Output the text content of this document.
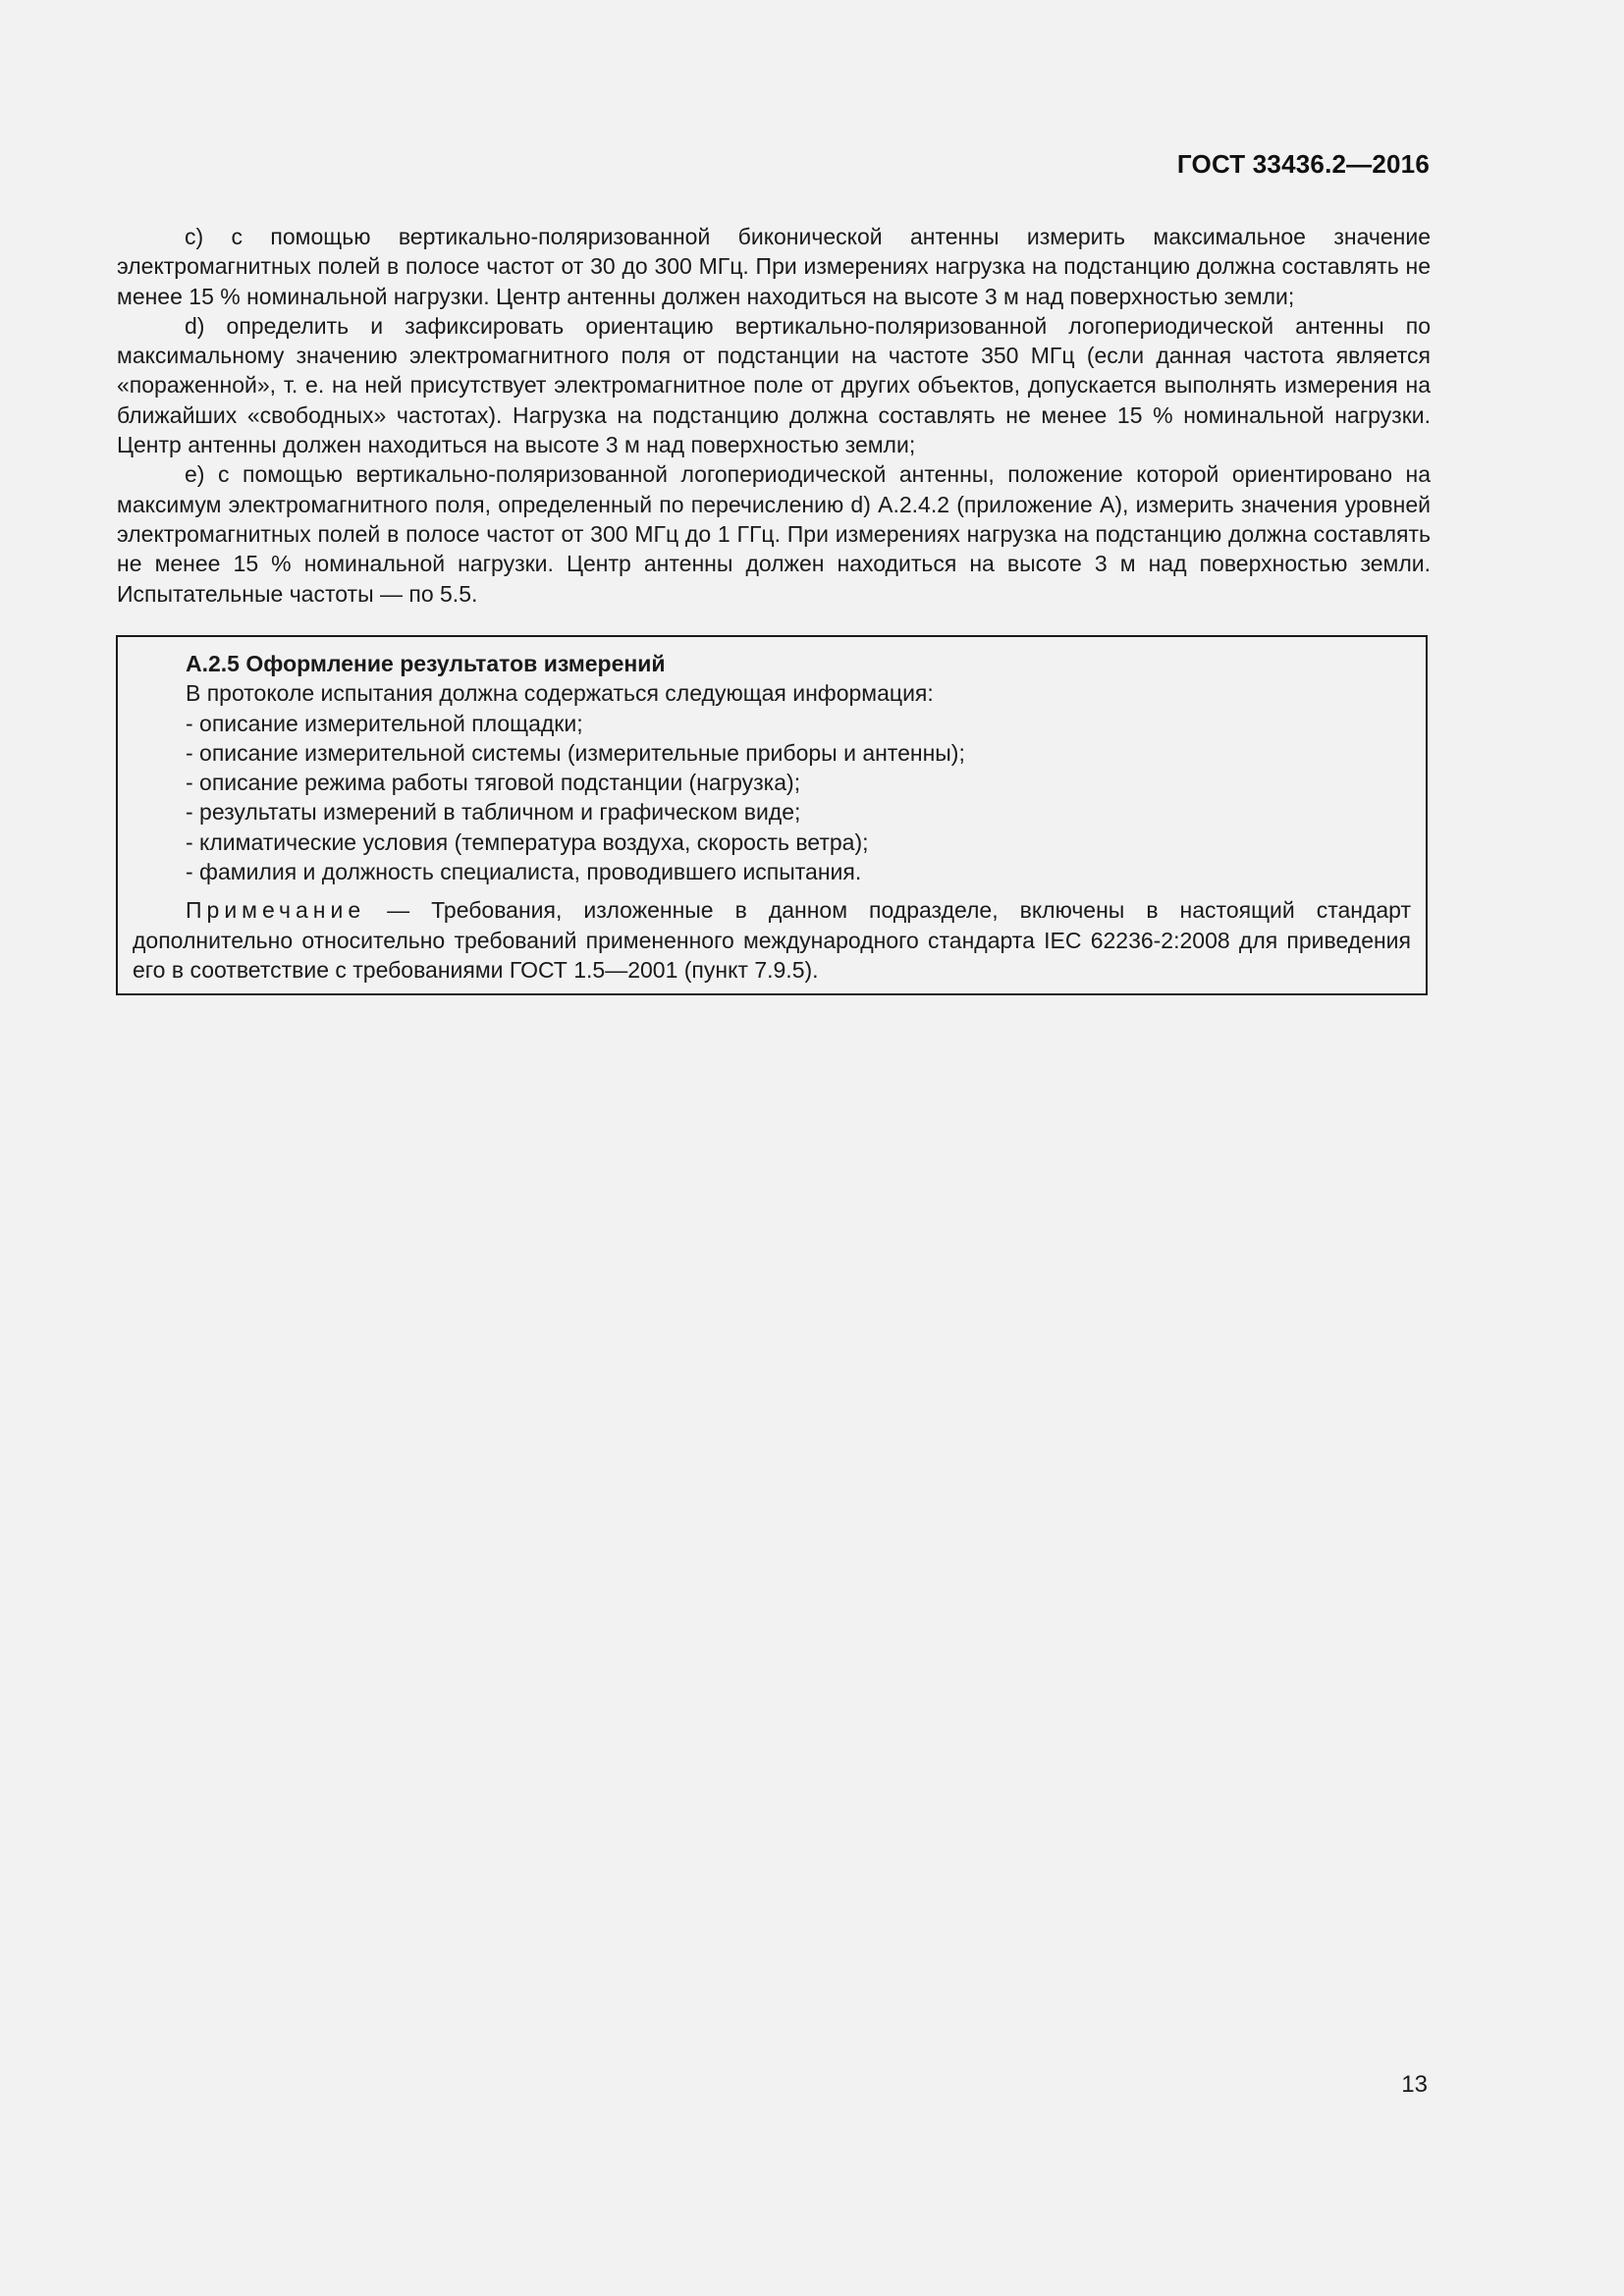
ГОСТ 33436.2—2016

с) с помощью вертикально-поляризованной биконической антенны измерить максимальное значение электромагнитных полей в полосе частот от 30 до 300 МГц. При измерениях нагрузка на подстанцию должна составлять не менее 15 % номинальной нагрузки. Центр антенны должен находиться на высоте 3 м над поверхностью земли;

d) определить и зафиксировать ориентацию вертикально-поляризованной логопериодической антенны по максимальному значению электромагнитного поля от подстанции на частоте 350 МГц (если данная частота является «пораженной», т. е. на ней присутствует электромагнитное поле от других объектов, допускается выполнять измерения на ближайших «свободных» частотах). Нагрузка на подстанцию должна составлять не менее 15 % номинальной нагрузки. Центр антенны должен находиться на высоте 3 м над поверхностью земли;

е) с помощью вертикально-поляризованной логопериодической антенны, положение которой ориентировано на максимум электромагнитного поля, определенный по перечислению d) А.2.4.2 (приложение А), измерить значения уровней электромагнитных полей в полосе частот от 300 МГц до 1 ГГц. При измерениях нагрузка на подстанцию должна составлять не менее 15 % номинальной нагрузки. Центр антенны должен находиться на высоте 3 м над поверхностью земли. Испытательные частоты — по 5.5.

А.2.5 Оформление результатов измерений

В протоколе испытания должна содержаться следующая информация:

- описание измерительной площадки;
- описание измерительной системы (измерительные приборы и антенны);
- описание режима работы тяговой подстанции (нагрузка);
- результаты измерений в табличном и графическом виде;
- климатические условия (температура воздуха, скорость ветра);
- фамилия и должность специалиста, проводившего испытания.

Примечание — Требования, изложенные в данном подразделе, включены в настоящий стандарт дополнительно относительно требований примененного международного стандарта IEC 62236-2:2008 для приведения его в соответствие с требованиями ГОСТ 1.5—2001 (пункт 7.9.5).

13
